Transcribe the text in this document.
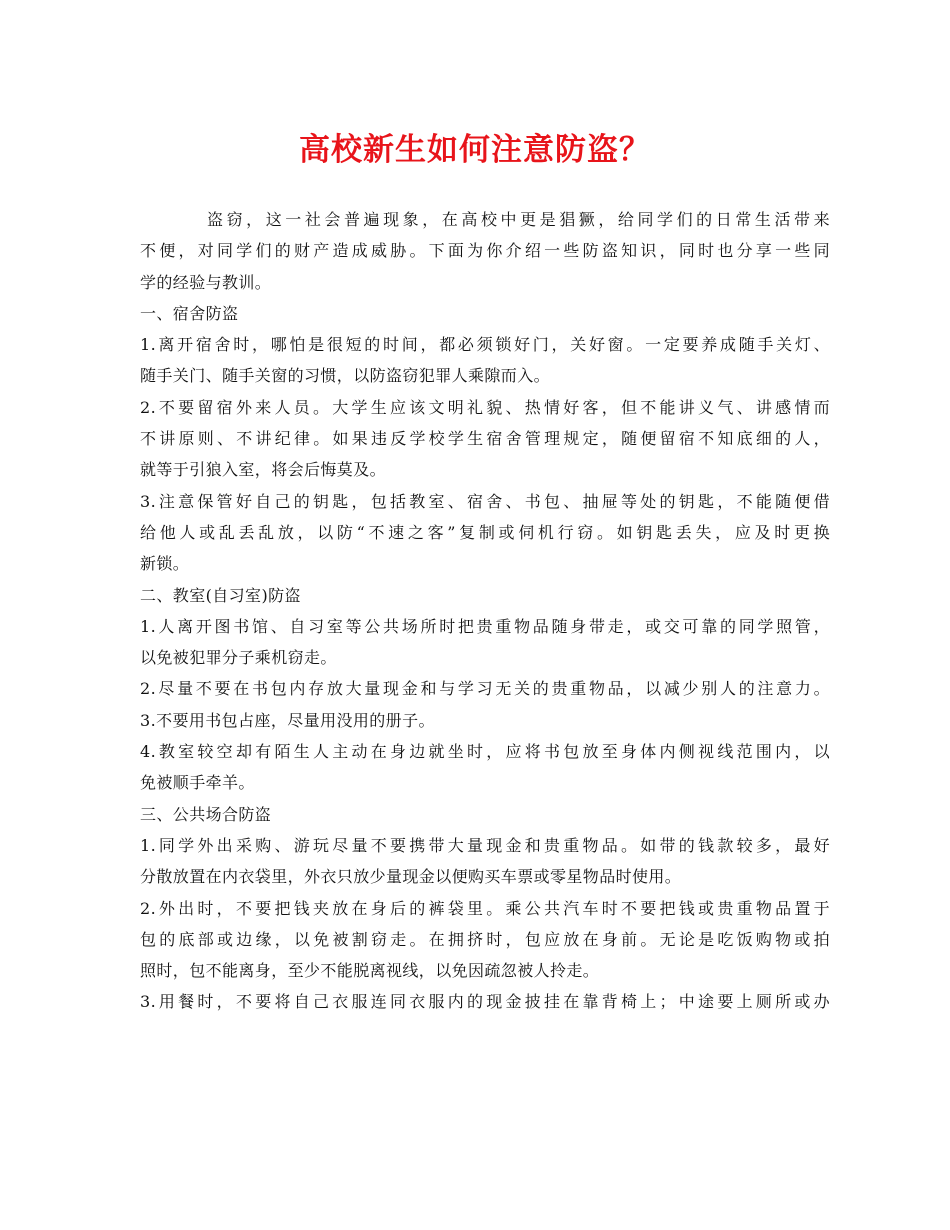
高校新生如何注意防盗？
盗窃，这一社会普遍现象，在高校中更是猖獗，给同学们的日常生活带来
不便，对同学们的财产造成威胁。下面为你介绍一些防盗知识，同时也分享一些同
学的经验与教训。
一、宿舍防盗
1.离开宿舍时，哪怕是很短的时间，都必须锁好门，关好窗。一定要养成随手关灯、
随手关门、随手关窗的习惯，以防盗窃犯罪人乘隙而入。
2.不要留宿外来人员。大学生应该文明礼貌、热情好客，但不能讲义气、讲感情而
不讲原则、不讲纪律。如果违反学校学生宿舍管理规定，随便留宿不知底细的人，
就等于引狼入室，将会后悔莫及。
3.注意保管好自己的钥匙，包括教室、宿舍、书包、抽屉等处的钥匙，不能随便借
给他人或乱丢乱放，以防“不速之客”复制或伺机行窃。如钥匙丢失，应及时更换
新锁。
二、教室(自习室)防盗
1.人离开图书馆、自习室等公共场所时把贵重物品随身带走，或交可靠的同学照管，
以免被犯罪分子乘机窃走。
2.尽量不要在书包内存放大量现金和与学习无关的贵重物品，以减少别人的注意力。
3.不要用书包占座，尽量用没用的册子。
4.教室较空却有陌生人主动在身边就坐时，应将书包放至身体内侧视线范围内，以
免被顺手牵羊。
三、公共场合防盗
1.同学外出采购、游玩尽量不要携带大量现金和贵重物品。如带的钱款较多，最好
分散放置在内衣袋里，外衣只放少量现金以便购买车票或零星物品时使用。
2.外出时，不要把钱夹放在身后的裤袋里。乘公共汽车时不要把钱或贵重物品置于
包的底部或边缘，以免被割窃走。在拥挤时，包应放在身前。无论是吃饭购物或拍
照时，包不能离身，至少不能脱离视线，以免因疏忽被人拎走。
3.用餐时，不要将自己衣服连同衣服内的现金披挂在靠背椅上；中途要上厕所或办
